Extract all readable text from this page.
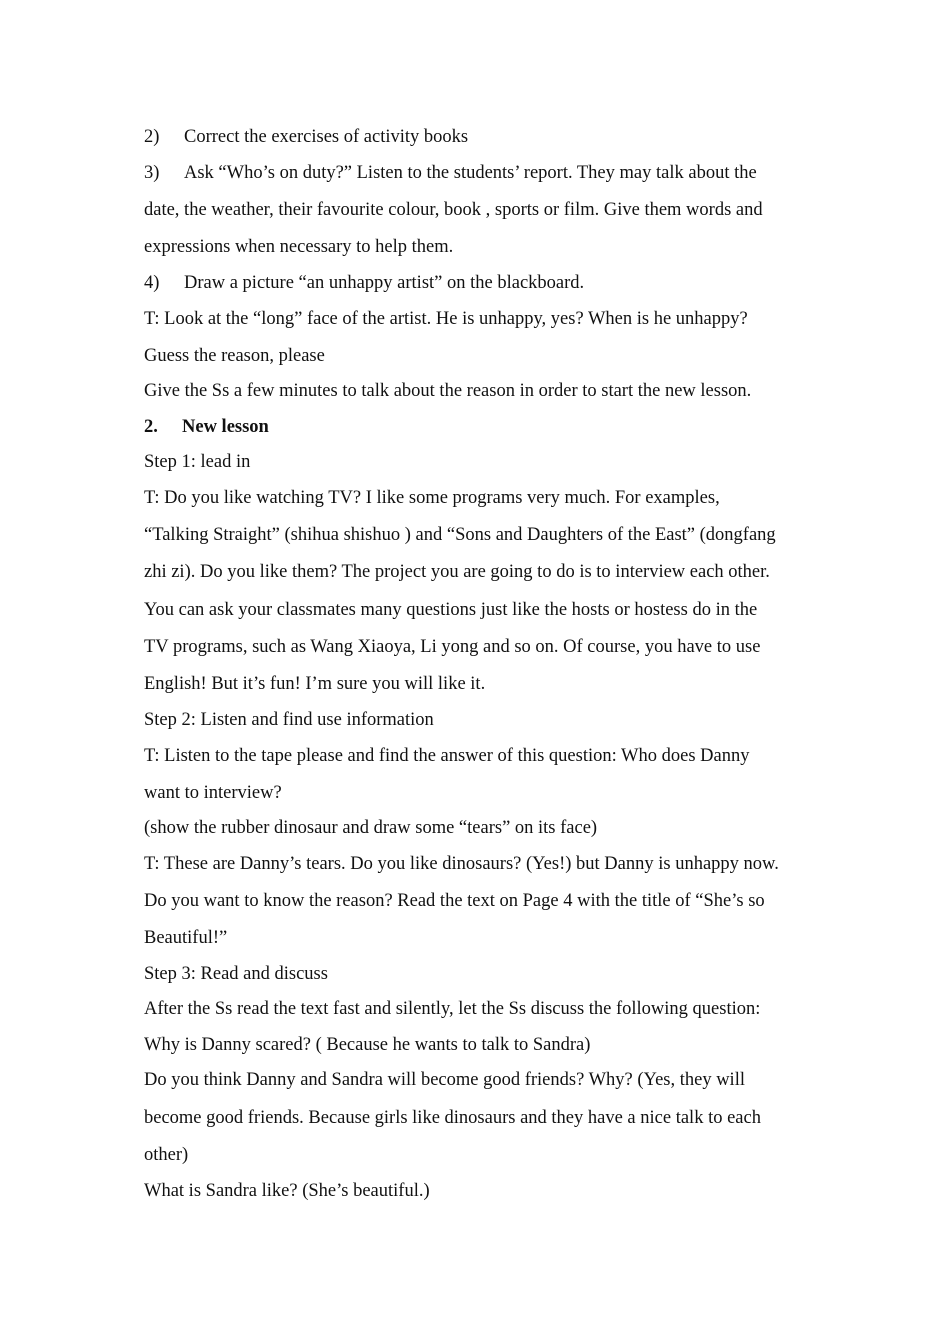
2) Correct the exercises of activity books
3) Ask “Who’s on duty?” Listen to the students’ report. They may talk about the
date, the weather, their favourite colour, book , sports or film. Give them words and
expressions when necessary to help them.
4) Draw a picture “an unhappy artist” on the blackboard.
T: Look at the “long” face of the artist. He is unhappy, yes? When is he unhappy?
Guess the reason, please
Give the Ss a few minutes to talk about the reason in order to start the new lesson.
2. New lesson
Step 1: lead in
T: Do you like watching TV? I like some programs very much. For examples,
“Talking Straight” (shihua shishuo ) and “Sons and Daughters of the East” (dongfang
zhi zi). Do you like them? The project you are going to do is to interview each other.
You can ask your classmates many questions just like the hosts or hostess do in the
TV programs, such as Wang Xiaoya, Li yong and so on. Of course, you have to use
English! But it’s fun! I’m sure you will like it.
Step 2: Listen and find use information
T: Listen to the tape please and find the answer of this question: Who does Danny
want to interview?
(show the rubber dinosaur and draw some “tears” on its face)
T: These are Danny’s tears. Do you like dinosaurs? (Yes!) but Danny is unhappy now.
Do you want to know the reason? Read the text on Page 4 with the title of “She’s so
Beautiful!”
Step 3: Read and discuss
After the Ss read the text fast and silently, let the Ss discuss the following question:
Why is Danny scared? ( Because he wants to talk to Sandra)
Do you think Danny and Sandra will become good friends? Why? (Yes, they will
become good friends. Because girls like dinosaurs and they have a nice talk to each
other)
What is Sandra like? (She’s beautiful.)
